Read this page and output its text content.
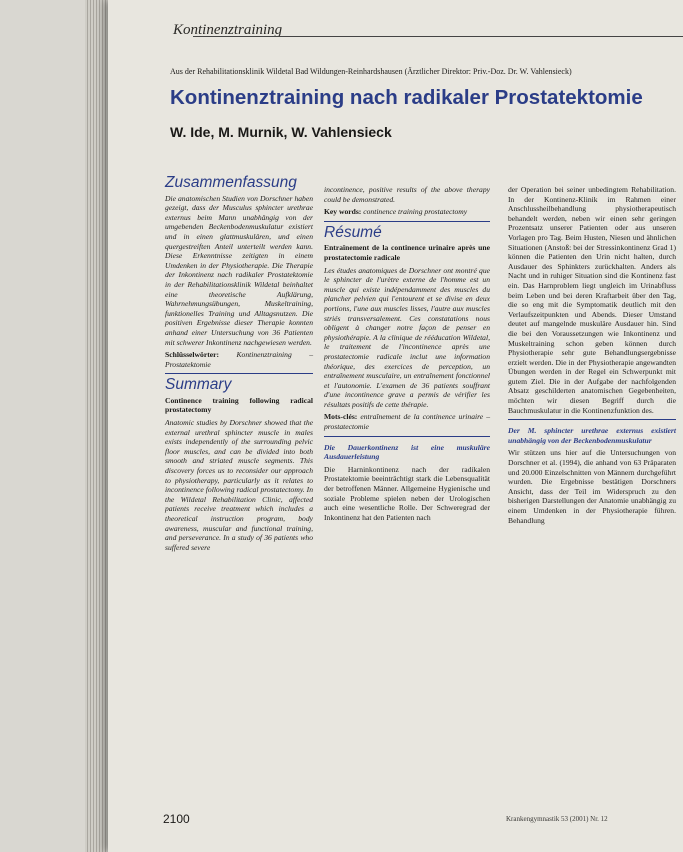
Kontinenztraining
Aus der Rehabilitationsklinik Wildetal Bad Wildungen-Reinhardshausen (Ärztlicher Direktor: Priv.-Doz. Dr. W. Vahlensieck)
Kontinenztraining nach radikaler Prostatektomie
W. Ide, M. Murnik, W. Vahlensieck
Zusammenfassung

Die anatomischen Studien von Dorschner haben gezeigt, dass der Musculus sphincter urethrae externus beim Mann unabhängig von der umgebenden Beckenbodenmuskulatur existiert und in einen glattmuskulären, und einen quergestreiften Anteil unterteilt werden kann. Diese Erkenntnisse zeitigten in einem Umdenken in der Physiotherapie. Die Therapie der Inkontinenz nach radikaler Prostatektomie in der Rehabilitationsklinik Wildetal beinhaltet eine theoretische Aufklärung, Wahrnehmungsübungen, Muskeltraining, funktionelles Training und Alltagsnutzen. Die positiven Ergebnisse dieser Therapie konnten anhand einer Untersuchung von 36 Patienten mit schwerer Inkontinenz nachgewiesen werden.

Schlüsselwörter: Kontinenztraining – Prostatektomie

Summary

Continence training following radical prostatectomy

Anatomic studies by Dorschner showed that the external urethral sphincter muscle in males exists independently of the surrounding pelvic floor muscles, and can be divided into both smooth and striated muscle segments. This discovery forces us to reconsider our approach to physiotherapy, particularly as it relates to incontinence following radical prostatectomy. In the Wildetal Rehabilitation Clinic, affected patients receive treatment which includes a theoretical instruction program, body awareness, muscular and functional training, and perseverance. In a study of 36 patients who suffered severe

incontinence, positive results of the above therapy could be demonstrated.

Key words: continence training prostatectomy

Résumé

Entraînement de la continence urinaire après une prostatectomie radicale

Les études anatomiques de Dorschner ont montré que le sphincter de l'urètre externe de l'homme est un muscle qui existe indépendamment des muscles du plancher pelvien qui l'entourent et se divise en deux portions, l'une aux muscles lisses, l'autre aux muscles striés transversalement. Ces constatations nous obligent à changer notre façon de penser en physiothérapie. A la clinique de rééducation Wildetal, le traitement de l'incontinence après une prostatectomie radicale inclut une information théorique, des exercices de perception, un entraînement musculaire, un entraînement fonctionnel et l'autonomie. L'examen de 36 patients souffrant d'une incontinence grave a permis de vérifier les résultats positifs de cette thérapie.

Mots-clés: entraînement de la continence urinaire – prostatectomie

Die Dauerkontinenz ist eine muskuläre Ausdauerleistung

Die Harninkontinenz nach der radikalen Prostatektomie beeinträchtigt stark die Lebensqualität der betroffenen Männer. Allgemeine Hygienische und soziale Probleme spielen neben der Urologischen auch eine wesentliche Rolle. Der Schweregrad der Inkontinenz hat den Patienten nach

der Operation bei seiner unbedingtem Rehabilitation. In der Kontinenz-Klinik im Rahmen einer Anschlussheilbehandlung physiotherapeutisch behandelt werden, neben wir einen sehr geringen Prozentsatz unserer Patienten oder aus unseren Vorlagen pro Tag. Beim Husten, Niesen und ähnlichen Situationen (Anstoß: bei der Stressinkontinenz Grad 1) können die Patienten den Urin nicht halten, durch Ausdauer des Sphinkters zurückhalten. Anders als Nacht und in ruhiger Situation sind die Kontinenz fast ein. Das Harnproblem liegt ungleich im Urinabfluss beim Leben und bei deren Kraftarbeit über den Tag, die so eng mit die Symptomatik deutlich mit den Verlaufszeitpunkten und Abends. Dieser Umstand deutet auf mangelnde muskuläre Ausdauer hin. Sind die bei den Voraussetzungen wie Inkontinenz und Muskeltraining schon geben können durch Physiotherapie sehr gute Behandlungsergebnisse erzielt werden. Die in der Physiotherapie angewandten Übungen werden in der Regel ein Schwerpunkt mit gutem Ziel. Die in der Aufgabe der nachfolgenden Absatz geschilderten anatomischen Gegebenheiten, möchten wir diesen Begriff durch die Bauchmuskulatur in die Kontinenzfunktion des.

Der M. sphincter urethrae externus existiert unabhängig von der Beckenbodenmuskulatur

Wir stützen uns hier auf die Untersuchungen von Dorschner et al. (1994), die anhand von 63 Präparaten und 20.000 Einzelschnitten von Männern durchgeführt wurden. Die Ergebnisse bestätigen Dorschners Ansicht, dass der Teil im Widerspruch zu den bisherigen Darstellungen der Anatomie unabhängig zu einem Umdenken in der Physiotherapie führen. Behandlung

2100	Krankengymnastik 53 (2001) Nr. 12
